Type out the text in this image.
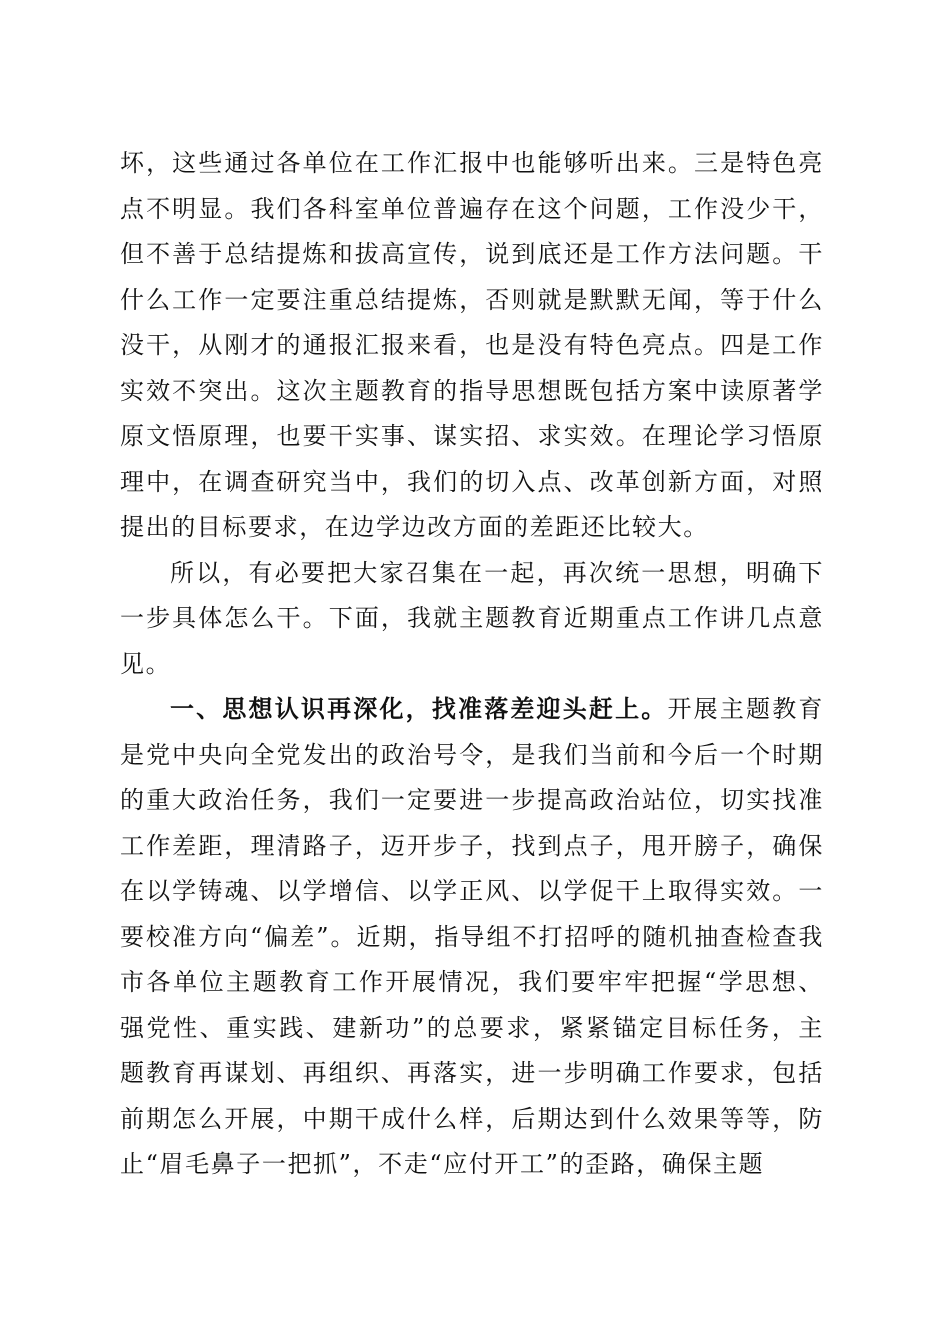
坏，这些通过各单位在工作汇报中也能够听出来。三是特色亮点不明显。我们各科室单位普遍存在这个问题，工作没少干，但不善于总结提炼和拔高宣传，说到底还是工作方法问题。干什么工作一定要注重总结提炼，否则就是默默无闻，等于什么没干，从刚才的通报汇报来看，也是没有特色亮点。四是工作实效不突出。这次主题教育的指导思想既包括方案中读原著学原文悟原理，也要干实事、谋实招、求实效。在理论学习悟原理中，在调查研究当中，我们的切入点、改革创新方面，对照提出的目标要求，在边学边改方面的差距还比较大。

所以，有必要把大家召集在一起，再次统一思想，明确下一步具体怎么干。下面，我就主题教育近期重点工作讲几点意见。

一、思想认识再深化，找准落差迎头赶上。开展主题教育是党中央向全党发出的政治号令，是我们当前和今后一个时期的重大政治任务，我们一定要进一步提高政治站位，切实找准工作差距，理清路子，迈开步子，找到点子，甩开膀子，确保在以学铸魂、以学增信、以学正风、以学促干上取得实效。一要校准方向“偏差”。近期，指导组不打招呼的随机抽查检查我市各单位主题教育工作开展情况，我们要牢牢把握“学思想、强党性、重实践、建新功”的总要求，紧紧锚定目标任务，主题教育再谋划、再组织、再落实，进一步明确工作要求，包括前期怎么开展，中期干成什么样，后期达到什么效果等等，防止“眉毛鼻子一把抓”，不走“应付开工”的歪路，确保主题
